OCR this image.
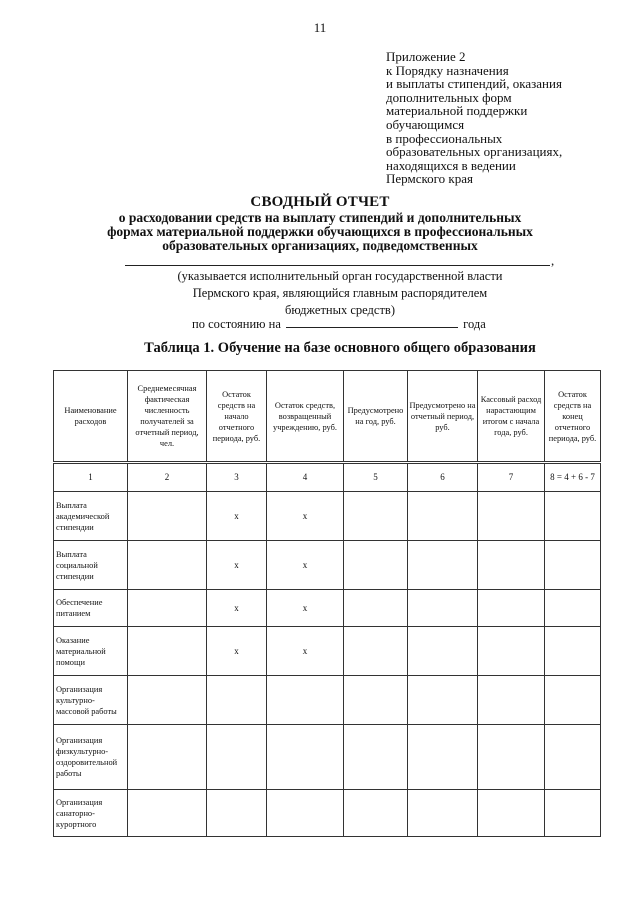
11
Приложение 2
к Порядку назначения
и выплаты стипендий, оказания
дополнительных форм
материальной поддержки
обучающимся
в профессиональных
образовательных организациях,
находящихся в ведении
Пермского края
СВОДНЫЙ ОТЧЕТ
о расходовании средств на выплату стипендий и дополнительных
формах материальной поддержки обучающихся в профессиональных
образовательных организациях, подведомственных
,
(указывается исполнительный орган государственной власти
Пермского края, являющийся главным распорядителем
бюджетных средств)
по состоянию на	года
Таблица 1. Обучение на базе основного общего образования
Наименование расходов	Среднемесячная фактическая численность получателей за отчетный период, чел.	Остаток средств на начало отчетного периода, руб.	Остаток средств, возвращенный учреждению, руб.	Предусмотрено на год, руб.	Предусмотрено на отчетный период, руб.	Кассовый расход нарастающим итогом с начала года, руб.	Остаток средств на конец отчетного периода, руб.
1	2	3	4	5	6	7	8 = 4 + 6 - 7
Выплата академической стипендии		x	x				
Выплата социальной стипендии		x	x				
Обеспечение питанием		x	x				
Оказание материальной помощи		x	x				
Организация культурно-массовой работы							
Организация физкультурно-оздоровительной работы							
Организация санаторно-курортного							
